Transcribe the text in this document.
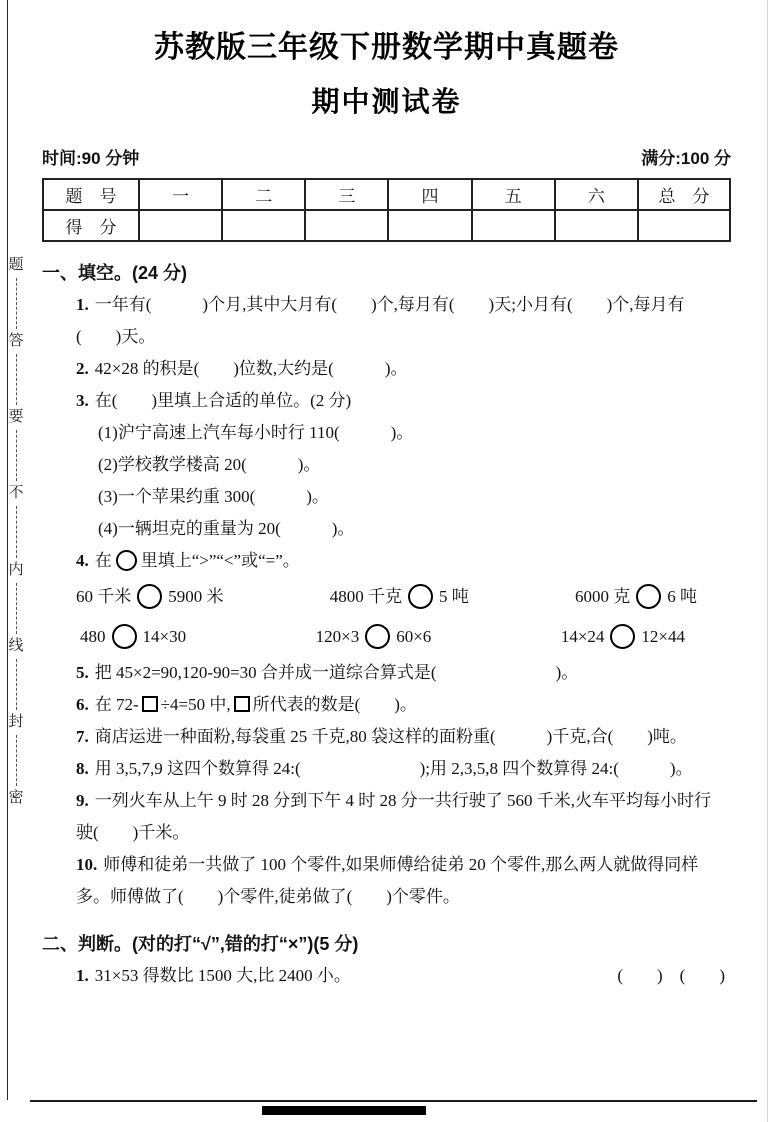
题
答
要
不
内
线
封
密
苏教版三年级下册数学期中真题卷
期中测试卷
时间:90 分钟	满分:100 分
题　号	一	二	三	四	五	六	总　分
得　分							
一、填空。(24 分)
1. 一年有(　　　)个月,其中大月有(　　)个,每月有(　　)天;小月有(　　)个,每月有(　　)天。
2. 42×28 的积是(　　)位数,大约是(　　　)。
3. 在(　　)里填上合适的单位。(2 分)
(1)沪宁高速上汽车每小时行 110(　　　)。
(2)学校教学楼高 20(　　　)。
(3)一个苹果约重 300(　　　)。
(4)一辆坦克的重量为 20(　　　)。
4. 在 里填上“>”“<”或“=”。
60 千米 5900 米	4800 千克 5 吨	6000 克 6 吨
480 14×30	120×3 60×6	14×24 12×44
5. 把 45×2=90,120-90=30 合并成一道综合算式是(　　　　　　　)。
6. 在 72- ÷4=50 中, 所代表的数是(　　)。
7. 商店运进一种面粉,每袋重 25 千克,80 袋这样的面粉重(　　　)千克,合(　　)吨。
8. 用 3,5,7,9 这四个数算得 24:(　　　　　　　);用 2,3,5,8 四个数算得 24:(　　　)。
9. 一列火车从上午 9 时 28 分到下午 4 时 28 分一共行驶了 560 千米,火车平均每小时行驶(　　)千米。
10. 师傅和徒弟一共做了 100 个零件,如果师傅给徒弟 20 个零件,那么两人就做得同样多。师傅做了(　　)个零件,徒弟做了(　　)个零件。
二、判断。(对的打“√”,错的打“×”)(5 分)
1. 31×53 得数比 1500 大,比 2400 小。	(　　)　(　　)
